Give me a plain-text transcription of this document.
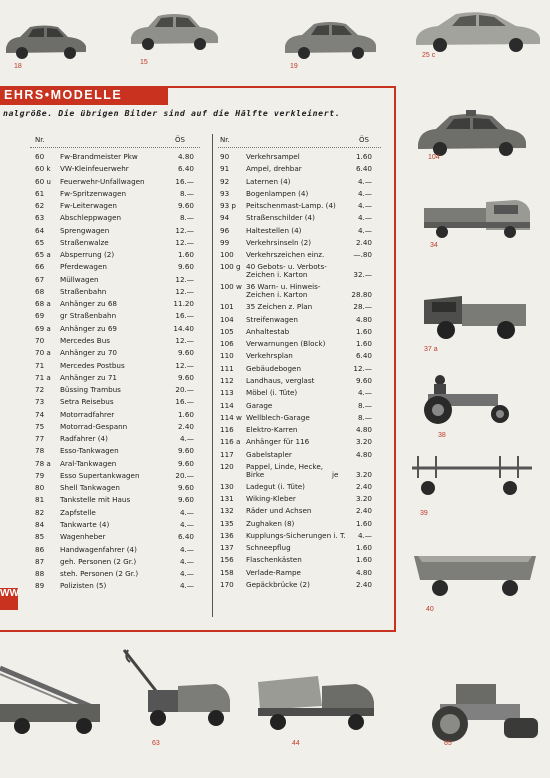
18
15
19
25 c
EHRS•MODELLE
nalgröße. Die übrigen Bilder sind auf die Hälfte verkleinert.
Nr.	ÖS	Nr.	ÖS
60 Fw-Brandmeister Pkw	4.80
60 k VW-Kleinfeuerwehr	6.40
60 u Feuerwehr-Unfallwagen	16.—
61 Fw-Spritzenwagen	8.—
62 Fw-Leiterwagen	9.60
63 Abschleppwagen	8.—
64 Sprengwagen	12.—
65 Straßenwalze	12.—
65 a Absperrung (2)	1.60
66 Pferdewagen	9.60
67 Müllwagen	12.—
68 Straßenbahn	12.—
68 a Anhänger zu 68	11.20
69 gr Straßenbahn	16.—
69 a Anhänger zu 69	14.40
70 Mercedes Bus	12.—
70 a Anhänger zu 70	9.60
71 Mercedes Postbus	12.—
71 a Anhänger zu 71	9.60
72 Büssing Trambus	20.—
73 Setra Reisebus	16.—
74 Motorradfahrer	1.60
75 Motorrad-Gespann	2.40
77 Radfahrer (4)	4.—
78 Esso-Tankwagen	9.60
78 a Aral-Tankwagen	9.60
79 Esso Supertankwagen	20.—
80 Shell Tankwagen	9.60
81 Tankstelle mit Haus	9.60
82 Zapfstelle	4.—
84 Tankwarte (4)	4.—
85 Wagenheber	6.40
86 Handwagenfahrer (4)	4.—
87 geh. Personen (2 Gr.)	4.—
88 steh. Personen (2 Gr.)	4.—
89 Polizisten (5)	4.—
90 Verkehrsampel	1.60
91 Ampel, drehbar	6.40
92 Laternen (4)	4.—
93 Bogenlampen (4)	4.—
93 p Peitschenmast-Lamp. (4)	4.—
94 Straßenschilder (4)	4.—
96 Haltestellen (4)	4.—
99 Verkehrsinseln (2)	2.40
100 Verkehrszeichen einz.	—.80
100 g 40 Gebots- u. Verbots-
Zeichen i. Karton	32.—
100 w 36 Warn- u. Hinweis-
Zeichen i. Karton	28.80
101 35 Zeichen z. Plan	28.—
104 Streifenwagen	4.80
105 Anhaltestab	1.60
106 Verwarnungen (Block)	1.60
110 Verkehrsplan	6.40
111 Gebäudebogen	12.—
112 Landhaus, verglast	9.60
113 Möbel (i. Tüte)	4.—
114 Garage	8.—
114 w Wellblech-Garage	8.—
116 Elektro-Karren	4.80
116 a Anhänger für 116	3.20
117 Gabelstapler	4.80
120 Pappel, Linde, Hecke,
Birke	je	3.20
130 Ladegut (i. Tüte)	2.40
131 Wiking-Kleber	3.20
132 Räder und Achsen	2.40
135 Zughaken (8)	1.60
136 Kupplungs-Sicherungen i. T.	4.—
137 Schneepflug	1.60
156 Flaschenkästen	1.60
158 Verlade-Rampe	4.80
170 Gepäckbrücke (2)	2.40
WW
104
34
37 a
38
39
40
63	44	65
